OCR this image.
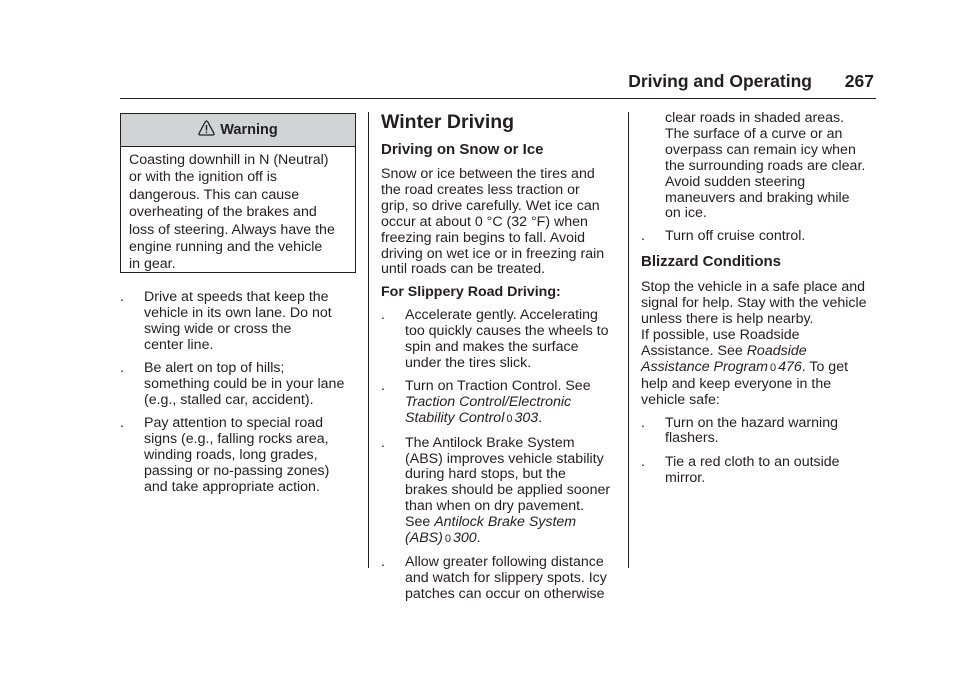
Driving and Operating 267
Warning
Coasting downhill in N (Neutral)
or with the ignition off is
dangerous. This can cause
overheating of the brakes and
loss of steering. Always have the
engine running and the vehicle
in gear.
. Drive at speeds that keep the
vehicle in its own lane. Do not
swing wide or cross the
center line.
. Be alert on top of hills;
something could be in your lane
(e.g., stalled car, accident).
. Pay attention to special road
signs (e.g., falling rocks area,
winding roads, long grades,
passing or no-passing zones)
and take appropriate action.
Winter Driving
Driving on Snow or Ice
Snow or ice between the tires and
the road creates less traction or
grip, so drive carefully. Wet ice can
occur at about 0 °C (32 °F) when
freezing rain begins to fall. Avoid
driving on wet ice or in freezing rain
until roads can be treated.
For Slippery Road Driving:
. Accelerate gently. Accelerating
too quickly causes the wheels to
spin and makes the surface
under the tires slick.
. Turn on Traction Control. See
Traction Control/Electronic
Stability Control 0 303.
. The Antilock Brake System
(ABS) improves vehicle stability
during hard stops, but the
brakes should be applied sooner
than when on dry pavement.
See Antilock Brake System
(ABS) 0 300.
. Allow greater following distance
and watch for slippery spots. Icy
patches can occur on otherwise
clear roads in shaded areas.
The surface of a curve or an
overpass can remain icy when
the surrounding roads are clear.
Avoid sudden steering
maneuvers and braking while
on ice.
. Turn off cruise control.
Blizzard Conditions
Stop the vehicle in a safe place and
signal for help. Stay with the vehicle
unless there is help nearby.
If possible, use Roadside
Assistance. See Roadside
Assistance Program 0 476. To get
help and keep everyone in the
vehicle safe:
. Turn on the hazard warning
flashers.
. Tie a red cloth to an outside
mirror.
